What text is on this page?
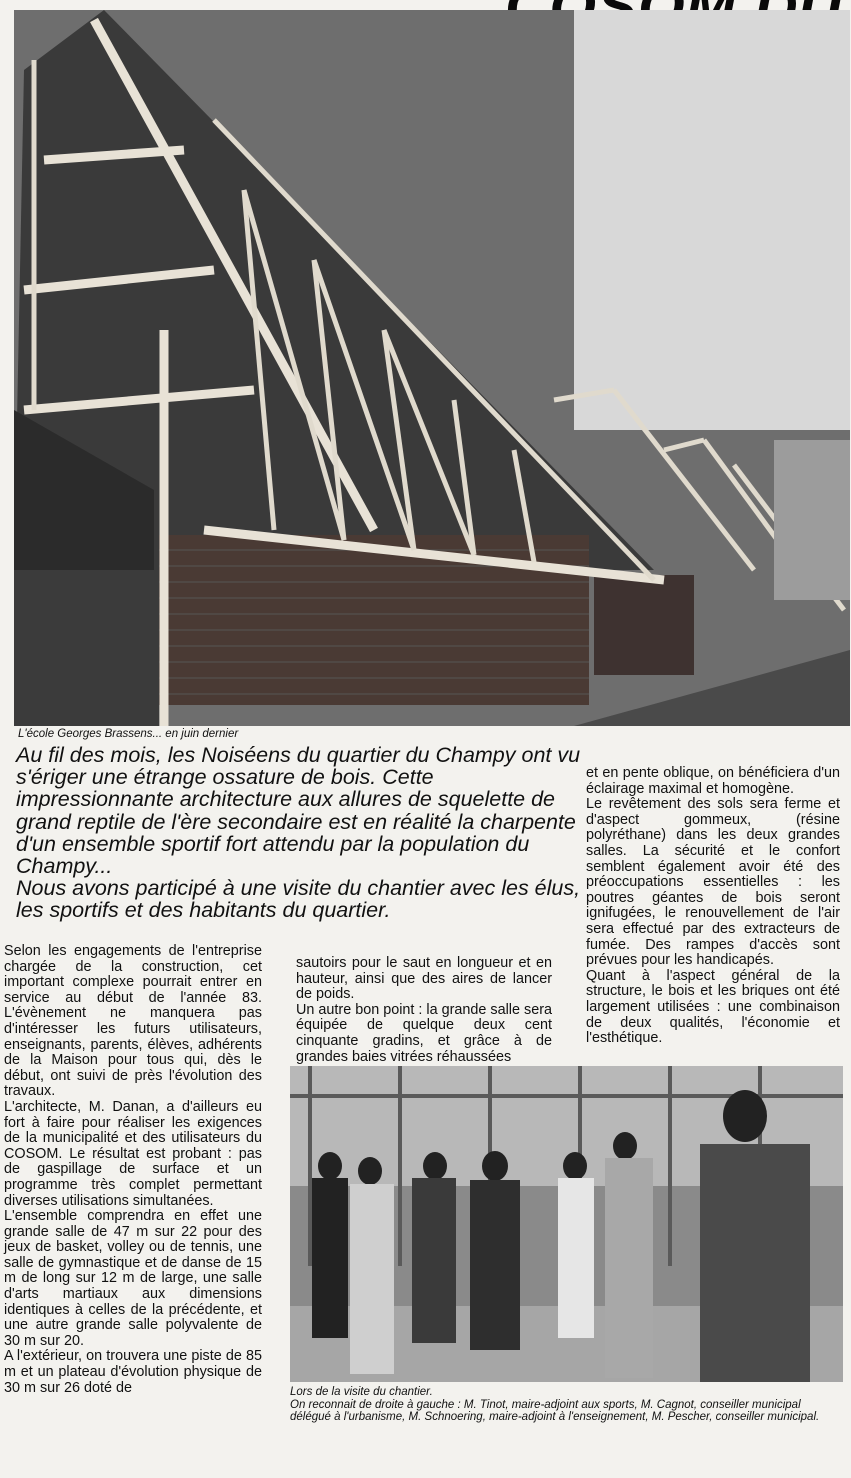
L'école Georges Brassens... en juin dernier

Au fil des mois, les Noiséens du quartier du Champy ont vu s'ériger une étrange ossature de bois. Cette impressionnante architecture aux allures de squelette de grand reptile de l'ère secondaire est en réalité la charpente d'un ensemble sportif fort attendu par la population du Champy...

Nous avons participé à une visite du chantier avec les élus, les sportifs et des habitants du quartier.

Selon les engagements de l'entreprise chargée de la construction, cet important complexe pourrait entrer en service au début de l'année 83. L'évènement ne manquera pas d'intéresser les futurs utilisateurs, enseignants, parents, élèves, adhérents de la Maison pour tous qui, dès le début, ont suivi de près l'évolution des travaux.

L'architecte, M. Danan, a d'ailleurs eu fort à faire pour réaliser les exigences de la municipalité et des utilisateurs du COSOM. Le résultat est probant : pas de gaspillage de surface et un programme très complet permettant diverses utilisations simultanées.

L'ensemble comprendra en effet une grande salle de 47 m sur 22 pour des jeux de basket, volley ou de tennis, une salle de gymnastique et de danse de 15 m de long sur 12 m de large, une salle d'arts martiaux aux dimensions identiques à celles de la précédente, et une autre grande salle polyvalente de 30 m sur 20.

A l'extérieur, on trouvera une piste de 85 m et un plateau d'évolution physique de 30 m sur 26 doté de

sautoirs pour le saut en longueur et en hauteur, ainsi que des aires de lancer de poids.

Un autre bon point : la grande salle sera équipée de quelque deux cent cinquante gradins, et grâce à de grandes baies vitrées réhaussées

et en pente oblique, on bénéficiera d'un éclairage maximal et homogène.

Le revêtement des sols sera ferme et d'aspect gommeux, (résine polyréthane) dans les deux grandes salles. La sécurité et le confort semblent également avoir été des préoccupations essentielles : les poutres géantes de bois seront ignifugées, le renouvellement de l'air sera effectué par des extracteurs de fumée. Des rampes d'accès sont prévues pour les handicapés.

Quant à l'aspect général de la structure, le bois et les briques ont été largement utilisées : une combinaison de deux qualités, l'économie et l'esthétique.

Lors de la visite du chantier.

On reconnait de droite à gauche : M. Tinot, maire-adjoint aux sports, M. Cagnot, conseiller municipal délégué à l'urbanisme, M. Schnoering, maire-adjoint à l'enseignement, M. Pescher, conseiller municipal.
